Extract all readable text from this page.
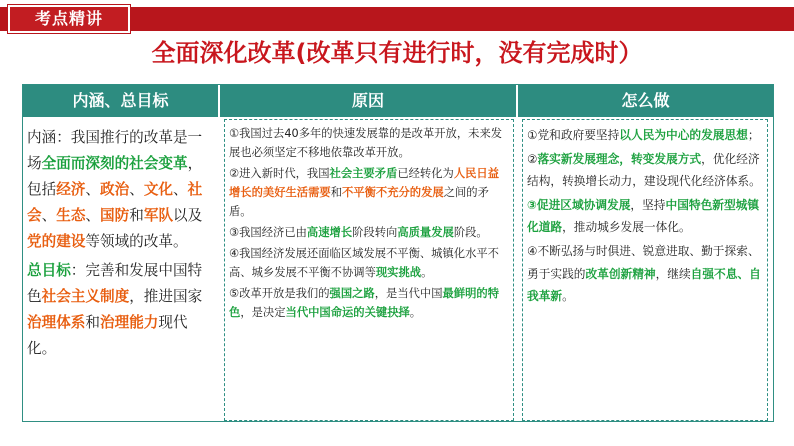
考点精讲
全面深化改革(改革只有进行时，没有完成时）
内涵、总目标	原因	怎么做
内涵：我国推行的改革是一场全面而深刻的社会变革，包括经济、政治、文化、社会、生态、国防和军队以及党的建设等领域的改革。
总目标：完善和发展中国特色社会主义制度，推进国家治理体系和治理能力现代化。
①我国过去40多年的快速发展靠的是改革开放，未来发展也必须坚定不移地依靠改革开放。
②进入新时代，我国社会主要矛盾已经转化为人民日益增长的美好生活需要和不平衡不充分的发展之间的矛盾。
③我国经济已由高速增长阶段转向高质量发展阶段。
④我国经济发展还面临区域发展不平衡、城镇化水平不高、城乡发展不平衡不协调等现实挑战。
⑤改革开放是我们的强国之路，是当代中国最鲜明的特色，是决定当代中国命运的关键抉择。
①党和政府要坚持以人民为中心的发展思想；
②落实新发展理念，转变发展方式，优化经济结构，转换增长动力，建设现代化经济体系。
③促进区域协调发展，坚持中国特色新型城镇化道路，推动城乡发展一体化。
④不断弘扬与时俱进、锐意进取、勤于探索、勇于实践的改革创新精神，继续自强不息、自我革新。
